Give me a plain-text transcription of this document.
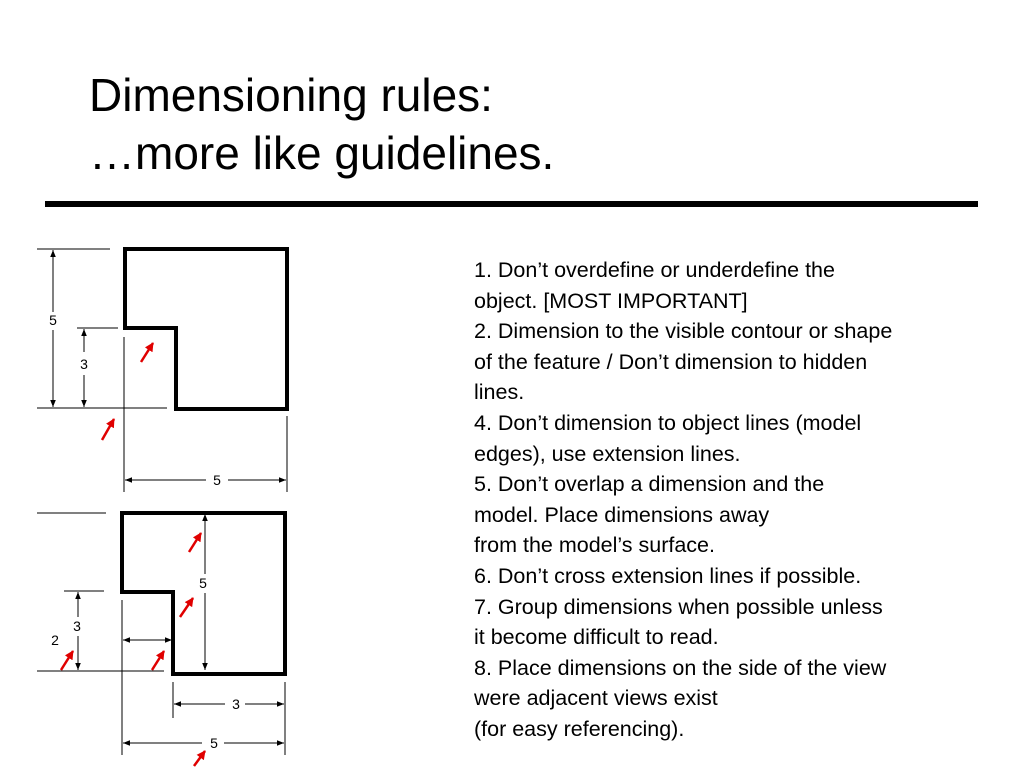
Dimensioning rules:
…more like guidelines.
1. Don’t overdefine or underdefine the
object. [MOST IMPORTANT]
2. Dimension to the visible contour or shape
of the feature / Don’t dimension to hidden
lines.
4. Don’t dimension to object lines (model
edges), use extension lines.
5. Don’t overlap a dimension and the
model. Place dimensions away
from the model’s surface.
6. Don’t cross extension lines if possible.
7. Group dimensions when possible unless
it become difficult to read.
8. Place dimensions on the side of the view
were adjacent views exist
(for easy referencing).
5
3
5
5
3
2
3
5
